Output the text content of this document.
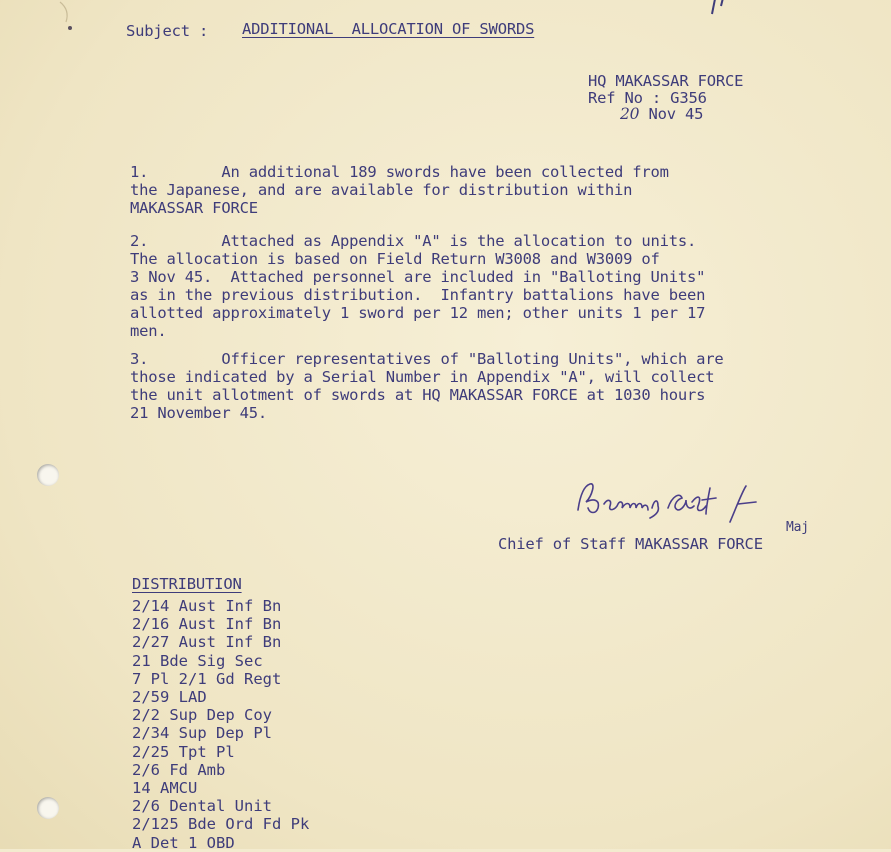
Subject : ADDITIONAL  ALLOCATION OF SWORDS
HQ MAKASSAR FORCE
Ref No : G356
20 Nov 45
1.        An additional 189 swords have been collected from
the Japanese, and are available for distribution within
MAKASSAR FORCE
2.        Attached as Appendix "A" is the allocation to units.
The allocation is based on Field Return W3008 and W3009 of
3 Nov 45.  Attached personnel are included in "Balloting Units"
as in the previous distribution.  Infantry battalions have been
allotted approximately 1 sword per 12 men; other units 1 per 17
men.
3.        Officer representatives of "Balloting Units", which are
those indicated by a Serial Number in Appendix "A", will collect
the unit allotment of swords at HQ MAKASSAR FORCE at 1030 hours
21 November 45.
Maj
Chief of Staff MAKASSAR FORCE
DISTRIBUTION
2/14 Aust Inf Bn
2/16 Aust Inf Bn
2/27 Aust Inf Bn
21 Bde Sig Sec
7 Pl 2/1 Gd Regt
2/59 LAD
2/2 Sup Dep Coy
2/34 Sup Dep Pl
2/25 Tpt Pl
2/6 Fd Amb
14 AMCU
2/6 Dental Unit
2/125 Bde Ord Fd Pk
A Det 1 OBD
